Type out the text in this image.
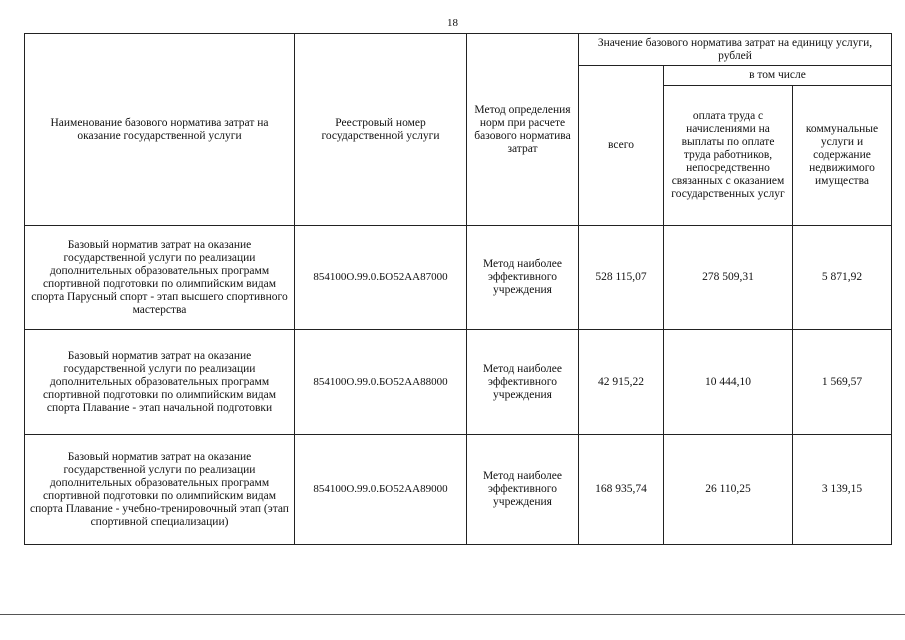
18
Наименование базового норматива затрат на оказание государственной услуги	Реестровый номер государственной услуги	Метод определения норм при расчете базового норматива затрат	Значение базового норматива затрат на единицу услуги, рублей		
			всего	в том числе	
				оплата труда с начислениями на выплаты по оплате труда работников, непосредственно связанных с оказанием государственных услуг	коммунальные услуги и содержание недвижимого имущества
Базовый норматив затрат на оказание государственной услуги по реализации дополнительных образовательных программ спортивной подготовки по олимпийским видам спорта Парусный спорт - этап высшего спортивного мастерства	854100О.99.0.БО52АА87000	Метод наиболее эффективного учреждения	528 115,07	278 509,31	5 871,92
Базовый норматив затрат на оказание государственной услуги по реализации дополнительных образовательных программ спортивной подготовки по олимпийским видам спорта Плавание - этап начальной подготовки	854100О.99.0.БО52АА88000	Метод наиболее эффективного учреждения	42 915,22	10 444,10	1 569,57
Базовый норматив затрат на оказание государственной услуги по реализации дополнительных образовательных программ спортивной подготовки по олимпийским видам спорта Плавание - учебно-тренировочный этап (этап спортивной специализации)	854100О.99.0.БО52АА89000	Метод наиболее эффективного учреждения	168 935,74	26 110,25	3 139,15
